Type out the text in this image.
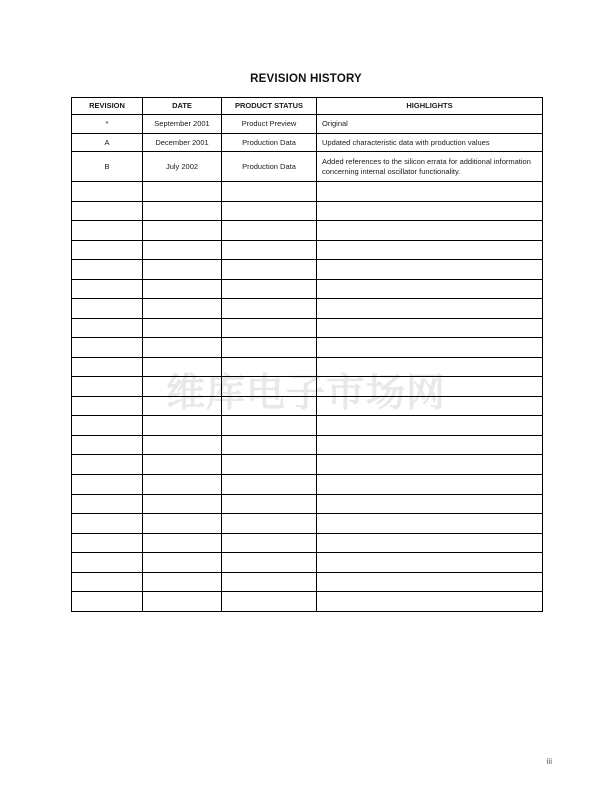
REVISION HISTORY
维库电子市场网
REVISION	DATE	PRODUCT STATUS	HIGHLIGHTS
*	September 2001	Product Preview	Original
A	December 2001	Production Data	Updated characteristic data with production values
B	July 2002	Production Data	Added references to the silicon errata for additional information concerning internal oscillator functionality.

iii
